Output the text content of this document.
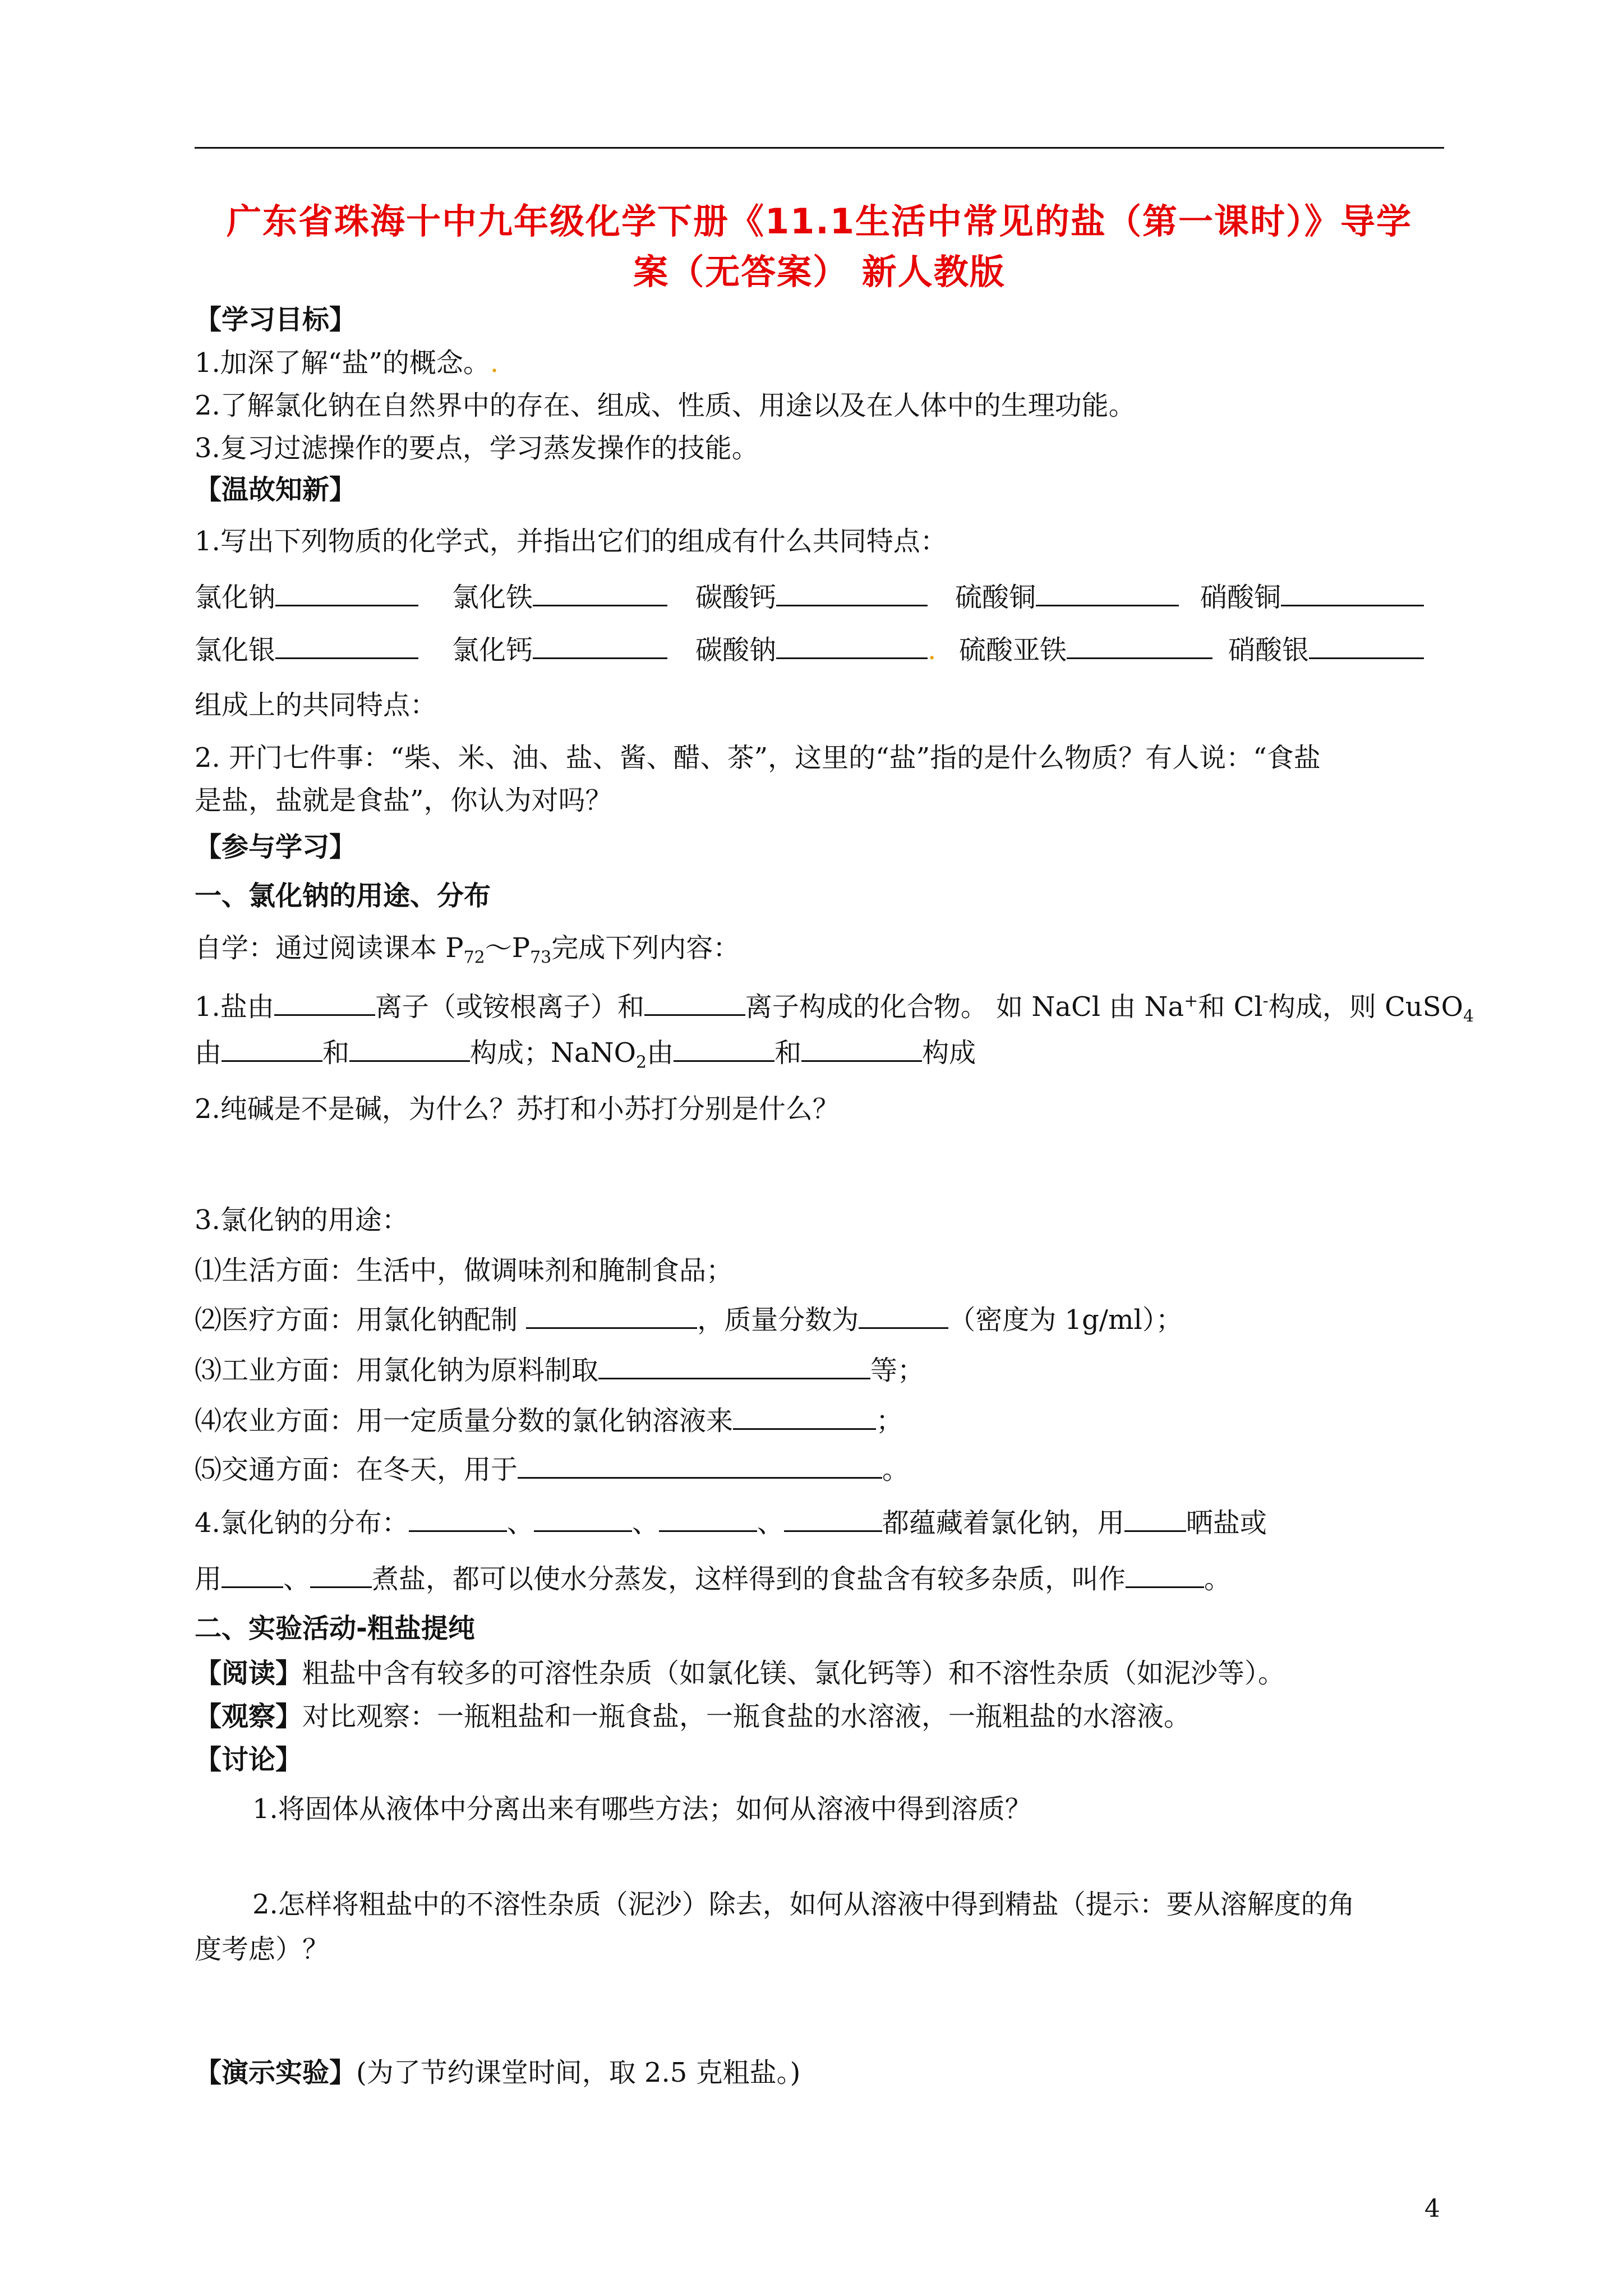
广东省珠海十中九年级化学下册《11.1生活中常见的盐（第一课时）》导学
案（无答案） 新人教版
【学习目标】
1.加深了解“盐”的概念。.
2.了解氯化钠在自然界中的存在、组成、性质、用途以及在人体中的生理功能。
3.复习过滤操作的要点，学习蒸发操作的技能。
【温故知新】
1.写出下列物质的化学式，并指出它们的组成有什么共同特点：
氯化钠	氯化铁	碳酸钙	硫酸铜	硝酸铜
氯化银	氯化钙	碳酸钠	. 硫酸亚铁	硝酸银
组成上的共同特点：
2. 开门七件事：“柴、米、油、盐、酱、醋、茶”，这里的“盐”指的是什么物质？有人说：“食盐
是盐，盐就是食盐”，你认为对吗？
【参与学习】
一、氯化钠的用途、分布
自学：通过阅读课本 $P_{72}\sim P_{73}$完成下列内容：
1.盐由	离子（或铵根离子）和	离子构成的化合物。 如 NaCl 由 Na+和 Cl-构成，则 CuSO$_4$
由	和	构成；NaNO$_2$由	和	构成
2.纯碱是不是碱，为什么？苏打和小苏打分别是什么？
3.氯化钠的用途：
⑴生活方面：生活中，做调味剂和腌制食品；
⑵医疗方面：用氯化钠配制	，质量分数为	（密度为 1g/ml）；
⑶工业方面：用氯化钠为原料制取	等；
⑷农业方面：用一定质量分数的氯化钠溶液来	；
⑸交通方面：在冬天，用于	。
4.氯化钠的分布：	、	、	、	都蕴藏着氯化钠，用 晒盐或
用 、 煮盐，都可以使水分蒸发，这样得到的食盐含有较多杂质，叫作	。
二、实验活动-粗盐提纯
【阅读】粗盐中含有较多的可溶性杂质（如氯化镁、氯化钙等）和不溶性杂质（如泥沙等）。
【观察】对比观察：一瓶粗盐和一瓶食盐，一瓶食盐的水溶液，一瓶粗盐的水溶液。
【讨论】
1.将固体从液体中分离出来有哪些方法；如何从溶液中得到溶质？
2.怎样将粗盐中的不溶性杂质（泥沙）除去，如何从溶液中得到精盐（提示：要从溶解度的角
度考虑）？
【演示实验】(为了节约课堂时间，取 2.5 克粗盐。)
4
